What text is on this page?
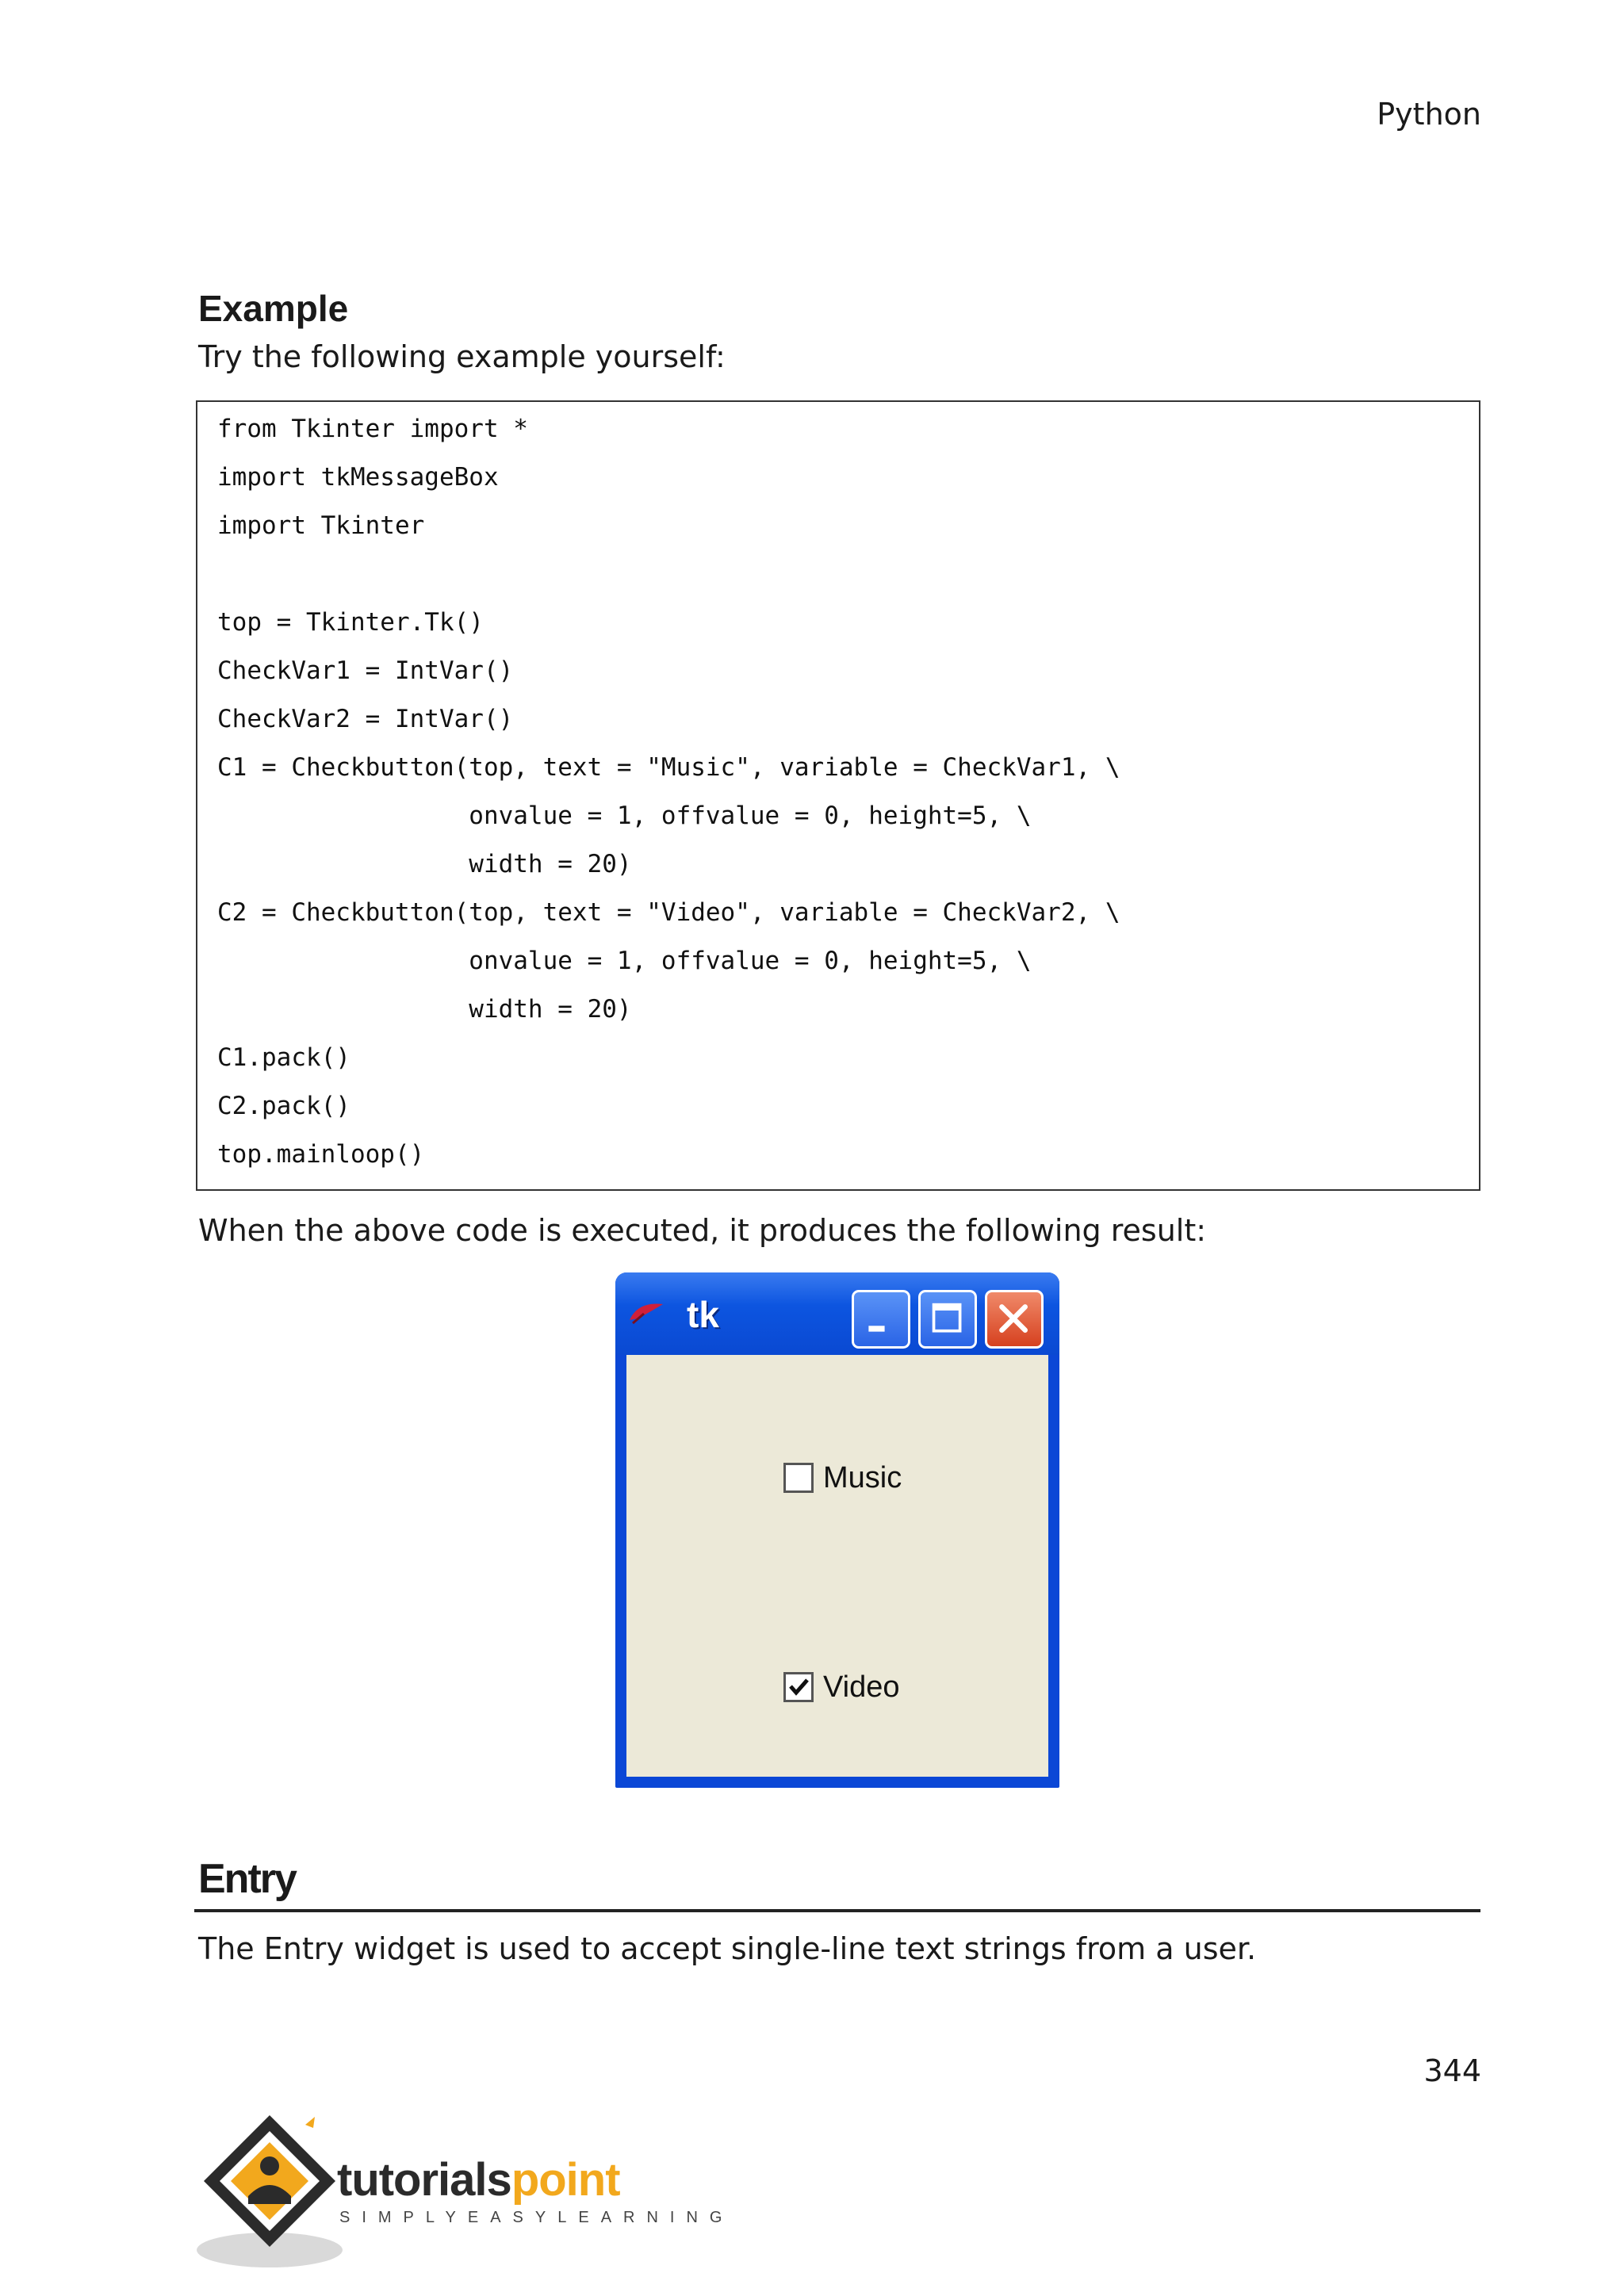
Python
Example
Try the following example yourself:
from Tkinter import *
import tkMessageBox
import Tkinter
top = Tkinter.Tk()
CheckVar1 = IntVar()
CheckVar2 = IntVar()
C1 = Checkbutton(top, text = "Music", variable = CheckVar1, \
onvalue = 1, offvalue = 0, height=5, \
width = 20)
C2 = Checkbutton(top, text = "Video", variable = CheckVar2, \
onvalue = 1, offvalue = 0, height=5, \
width = 20)
C1.pack()
C2.pack()
top.mainloop()
When the above code is executed, it produces the following result:
tk
Music
Video
Entry
The Entry widget is used to accept single-line text strings from a user.
344
tutorialspoint
SIMPLYEASYLEARNING
